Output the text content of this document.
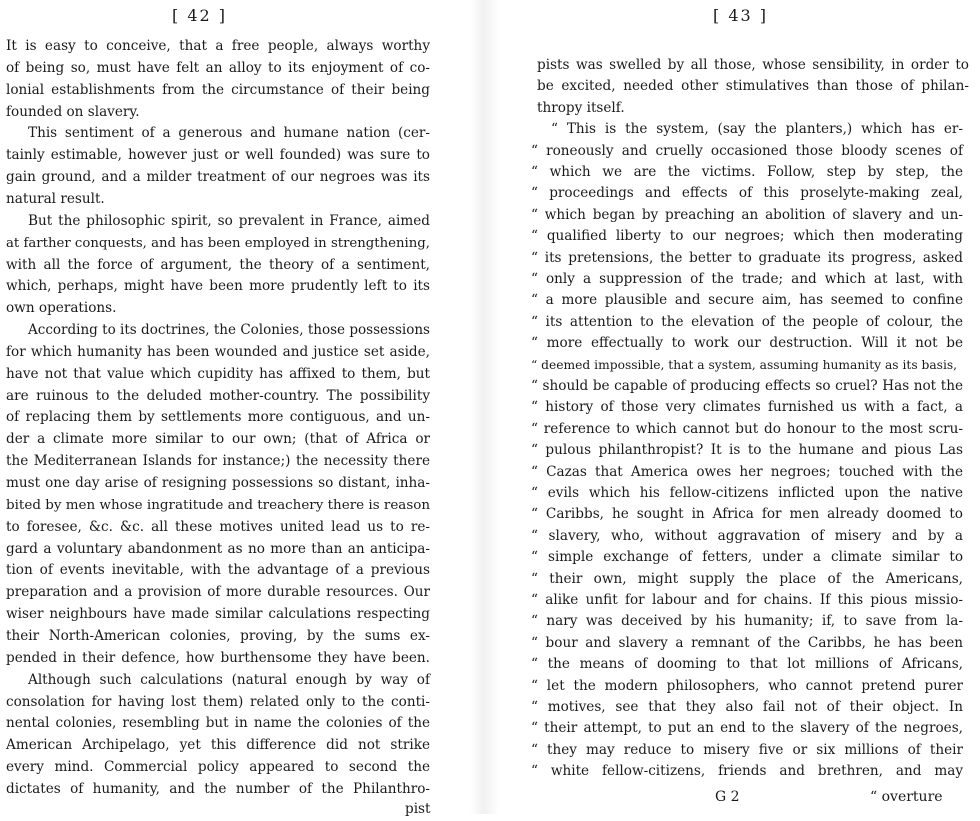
[ 42 ]
It is easy to conceive, that a free people, always worthy
of being so, must have felt an alloy to its enjoyment of co-
lonial establishments from the circumstance of their being
founded on slavery.
This sentiment of a generous and humane nation (cer-
tainly estimable, however just or well founded) was sure to
gain ground, and a milder treatment of our negroes was its
natural result.
But the philosophic spirit, so prevalent in France, aimed
at farther conquests, and has been employed in strengthening,
with all the force of argument, the theory of a sentiment,
which, perhaps, might have been more prudently left to its
own operations.
According to its doctrines, the Colonies, those possessions
for which humanity has been wounded and justice set aside,
have not that value which cupidity has affixed to them, but
are ruinous to the deluded mother-country. The possibility
of replacing them by settlements more contiguous, and un-
der a climate more similar to our own; (that of Africa or
the Mediterranean Islands for instance;) the necessity there
must one day arise of resigning possessions so distant, inha-
bited by men whose ingratitude and treachery there is reason
to foresee, &c. &c. all these motives united lead us to re-
gard a voluntary abandonment as no more than an anticipa-
tion of events inevitable, with the advantage of a previous
preparation and a provision of more durable resources. Our
wiser neighbours have made similar calculations respecting
their North-American colonies, proving, by the sums ex-
pended in their defence, how burthensome they have been.
Although such calculations (natural enough by way of
consolation for having lost them) related only to the conti-
nental colonies, resembling but in name the colonies of the
American Archipelago, yet this difference did not strike
every mind. Commercial policy appeared to second the
dictates of humanity, and the number of the Philanthro-
pist
[ 43 ]
pists was swelled by all those, whose sensibility, in order to
be excited, needed other stimulatives than those of philan-
thropy itself.
“ This is the system, (say the planters,) which has er-
“ roneously and cruelly occasioned those bloody scenes of
“ which we are the victims. Follow, step by step, the
“ proceedings and effects of this proselyte-making zeal,
“ which began by preaching an abolition of slavery and un-
“ qualified liberty to our negroes; which then moderating
“ its pretensions, the better to graduate its progress, asked
“ only a suppression of the trade; and which at last, with
“ a more plausible and secure aim, has seemed to confine
“ its attention to the elevation of the people of colour, the
“ more effectually to work our destruction. Will it not be
“ deemed impossible, that a system, assuming humanity as its basis,
“ should be capable of producing effects so cruel? Has not the
“ history of those very climates furnished us with a fact, a
“ reference to which cannot but do honour to the most scru-
“ pulous philanthropist? It is to the humane and pious Las
“ Cazas that America owes her negroes; touched with the
“ evils which his fellow-citizens inflicted upon the native
“ Caribbs, he sought in Africa for men already doomed to
“ slavery, who, without aggravation of misery and by a
“ simple exchange of fetters, under a climate similar to
“ their own, might supply the place of the Americans,
“ alike unfit for labour and for chains. If this pious missio-
“ nary was deceived by his humanity; if, to save from la-
“ bour and slavery a remnant of the Caribbs, he has been
“ the means of dooming to that lot millions of Africans,
“ let the modern philosophers, who cannot pretend purer
“ motives, see that they also fail not of their object. In
“ their attempt, to put an end to the slavery of the negroes,
“ they may reduce to misery five or six millions of their
“ white fellow-citizens, friends and brethren, and may
G 2	“ overture
